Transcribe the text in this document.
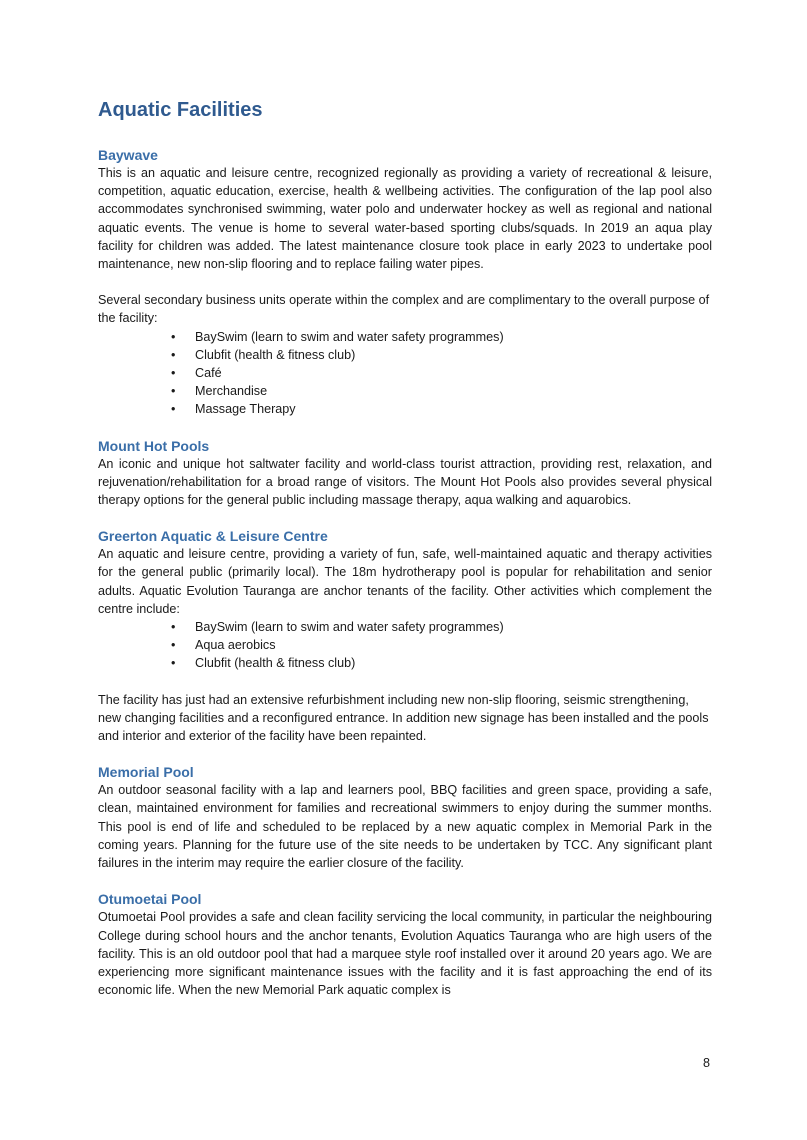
Aquatic Facilities
Baywave

This is an aquatic and leisure centre, recognized regionally as providing a variety of recreational & leisure, competition, aquatic education, exercise, health & wellbeing activities. The configuration of the lap pool also accommodates synchronised swimming, water polo and underwater hockey as well as regional and national aquatic events. The venue is home to several water-based sporting clubs/squads. In 2019 an aqua play facility for children was added. The latest maintenance closure took place in early 2023 to undertake pool maintenance, new non-slip flooring and to replace failing water pipes.

Several secondary business units operate within the complex and are complimentary to the overall purpose of the facility:

• BaySwim (learn to swim and water safety programmes)
• Clubfit (health & fitness club)
• Café
• Merchandise
• Massage Therapy
Mount Hot Pools

An iconic and unique hot saltwater facility and world-class tourist attraction, providing rest, relaxation, and rejuvenation/rehabilitation for a broad range of visitors. The Mount Hot Pools also provides several physical therapy options for the general public including massage therapy, aqua walking and aquarobics.

Greerton Aquatic & Leisure Centre

An aquatic and leisure centre, providing a variety of fun, safe, well-maintained aquatic and therapy activities for the general public (primarily local). The 18m hydrotherapy pool is popular for rehabilitation and senior adults. Aquatic Evolution Tauranga are anchor tenants of the facility. Other activities which complement the centre include:

• BaySwim (learn to swim and water safety programmes)
• Aqua aerobics
• Clubfit (health & fitness club)

The facility has just had an extensive refurbishment including new non-slip flooring, seismic strengthening, new changing facilities and a reconfigured entrance. In addition new signage has been installed and the pools and interior and exterior of the facility have been repainted.

Memorial Pool

An outdoor seasonal facility with a lap and learners pool, BBQ facilities and green space, providing a safe, clean, maintained environment for families and recreational swimmers to enjoy during the summer months. This pool is end of life and scheduled to be replaced by a new aquatic complex in Memorial Park in the coming years. Planning for the future use of the site needs to be undertaken by TCC. Any significant plant failures in the interim may require the earlier closure of the facility.

Otumoetai Pool

Otumoetai Pool provides a safe and clean facility servicing the local community, in particular the neighbouring College during school hours and the anchor tenants, Evolution Aquatics Tauranga who are high users of the facility. This is an old outdoor pool that had a marquee style roof installed over it around 20 years ago. We are experiencing more significant maintenance issues with the facility and it is fast approaching the end of its economic life. When the new Memorial Park aquatic complex is

8
